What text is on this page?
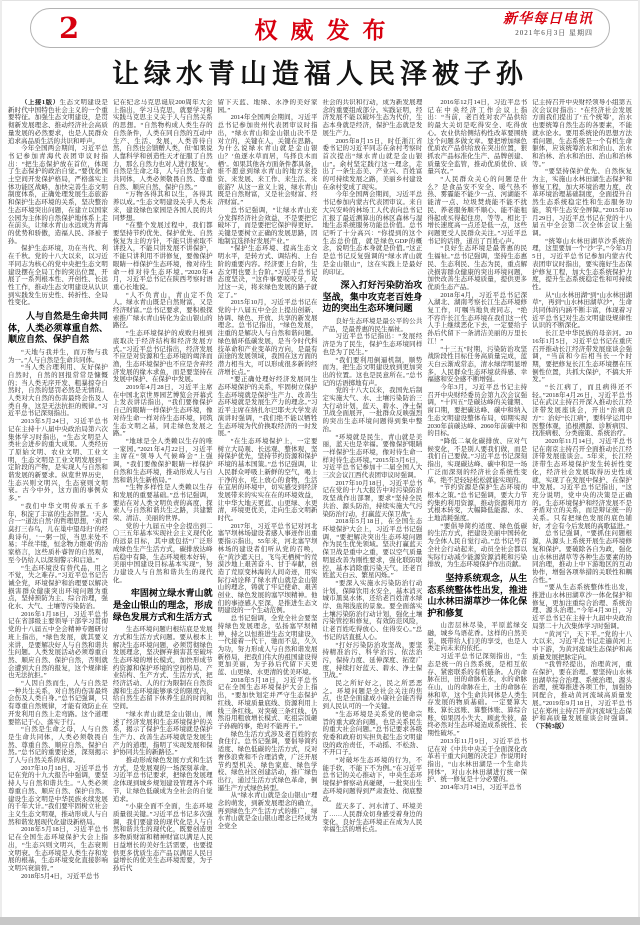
2	权威发布	新华每日电讯
2021年6月3日 星期四
让绿水青山造福人民泽被子孙

（上接1版）生态文明建设是新时代中国特色社会主义的一个重要特征。加强生态文明建设，是贯彻新发展理念、推动经济社会高质量发展的必然要求，也是人民群众追求高品质生活的共识和呼声。

今年全国两会期间，习近平总书记参加青海代表团审议时指出：“把生态保护放在首位，体现了生态保护的政治自觉。”要优化国土空间开发保护格局，严格落实主体功能区战略，加快完善生态文明制度体系，正确处理发展生态旅游和保护生态环境的关系，坚决整治生态环境突出问题，在建立以国家公园为主体的自然保护地体系上走在前头，让绿水青山永远成为青海的优势和骄傲，造福人民、泽被子孙。

保护生态环境，功在当代、利在千秋。党的十八大以来，以习近平同志为核心的党中央把生态文明建设摆在全局工作的突出位置，开展了一系列根本性、开创性、长远性工作，推动生态文明建设从认识到实践发生历史性、转折性、全局性变化。

人与自然是生命共同体，人类必须尊重自然、顺应自然、保护自然

“天地与我并生，而万物与我为一。”人与自然是生命共同体。

“当人类合理利用、友好保护自然时，自然的回报常常是慷慨的；当人类无序开发、粗暴掠夺自然时，自然的惩罚必然是无情的。人类对大自然的伤害最终会伤及人类自身，这是无法抗拒的规律。”习近平总书记深刻指出。

2013年5月24日，习近平总书记在主持十八届中央政治局第六次集体学习时指出，“生态文明是人类社会进步的重大成果。人类经历了原始文明、农业文明、工业文明，生态文明是工业文明发展到一定阶段的产物，是实现人与自然和谐发展的新要求。纵览世界历史，生态兴则文明兴，生态衰则文明衰。古今中外，这方面的事例众多。”

“我们中华文明传承五千多年，积淀了丰富的生态智慧。‘天人合一’‘道法自然’的哲理思想，‘劝君莫打三春鸟，儿在巢中望母归’的经典诗句，‘一粥一饭，当思来处不易；半丝半缕，恒念物力维艰’的治家格言，这些质朴睿智的自然观，至今仍给人以深刻警示和启迪。”

“生态环境没有替代品，用之不觉，失之难存。”习近平总书记告诫全党，环境保护和治理要以解决损害群众健康突出环境问题为重点，坚持预防为主、综合治理，强化水、大气、土壤等污染防治。

2016年1月18日，习近平总书记在省部级主要领导干部学习贯彻党的十八届五中全会精神专题研讨班上指出，“绿色发展，就其要义来讲，是要解决好人与自然和谐共生问题。人类发展活动必须尊重自然、顺应自然、保护自然，否则就会遭到大自然的报复，这个规律谁也无法抗拒。”

“人因自然而生，人与自然是一种共生关系，对自然的伤害最终会伤及人类自身。”总书记强调，只有尊重自然规律，才能有效防止在开发利用自然上走弯路。这个道理要铭记于心、落实于行。

“自然是生命之母，人与自然是生命共同体，人类必须敬畏自然、尊重自然、顺应自然、保护自然。”总书记的重要论述，深刻揭示了人与自然关系的真谛。

2017年10月18日，习近平总书记在党的十九大报告中强调，要坚持人与自然和谐共生。“人类必须尊重自然、顺应自然、保护自然。建设生态文明是中华民族永续发展的千年大计。”我们要牢固树立社会主义生态文明观，推动形成人与自然和谐发展现代化建设新格局。

2018年5月18日，习近平总书记在全国生态环境保护大会上指出，“生态兴则文明兴，生态衰则文明衰。生态环境是人类生存和发展的根基，生态环境变化直接影响文明兴衰演替。”

2018年5月4日，习近平总书

记在纪念马克思诞辰200周年大会上指出，学习马克思，就要学习和实践马克思主义关于人与自然关系的思想。“自然物构成人类生存的自然条件，人类在同自然的互动中生产、生活、发展，人类善待自然，自然也会馈赠人类，但‘如果说人靠科学和创造性天才征服了自然力，那么自然力也对人进行报复’。自然是生命之母，人与自然是生命共同体，人类必须敬畏自然、尊重自然、顺应自然、保护自然。”

“万物各得其和以生，各得其养以成。”生态文明建设关乎人类未来，建设绿色家园是各国人民的共同梦想。

“在整个发展过程中，我们都要坚持节约优先、保护优先、自然恢复为主的方针，不能只讲索取不讲投入，不能只讲发展不讲保护，不能只讲利用不讲修复，要像保护眼睛一样保护生态环境，像对待生命一样对待生态环境。”2020年4月，习近平总书记在陕西考察时语重心长地说。

“人不负青山，青山定不负人。绿水青山既是自然财富，又是经济财富。”总书记要求，要积极探索推广绿水青山转化为金山银山的路径。

“生态环境保护的成败归根到底取决于经济结构和经济发展方式。”习近平总书记指出，经济发展不应是对资源和生态环境的竭泽而渔，生态环境保护也不应是舍弃经济发展的缘木求鱼，而是要坚持在发展中保护、在保护中发展。

2019年4月28日，习近平主席在中国北京世界园艺博览会开幕式上发表讲话指出，“我们要像保护自己的眼睛一样保护生态环境，像对待生命一样对待生态环境，同筑生态文明之基，同走绿色发展之路。”

“地球是全人类赖以生存的唯一家园。”2021年4月22日，习近平主席在“领导人气候峰会”上强调，“我们要像保护眼睛一样保护自然和生态环境，推动形成人与自然和谐共生新格局。”

“生物多样性是人类赖以生存和发展的重要基础。”总书记强调，要站在对人类文明负责的高度，探索人与自然和谐共生之路，共建繁荣、清洁、美丽的世界。

党的十九届五中全会提出到二〇三五年基本实现社会主义现代化的远景目标，其中就包括“广泛形成绿色生产生活方式，碳排放达峰后稳中有降，生态环境根本好转，美丽中国建设目标基本实现”，努力建设人与自然和谐共生的现代化。

牢固树立绿水青山就是金山银山的理念，形成绿色发展方式和生活方式

生态环境问题归根结底是发展方式和生活方式问题。要从根本上解决生态环境问题，必须贯彻绿色发展理念，坚决摒弃损害甚至破坏生态环境的增长模式，加快形成节约资源和保护环境的空间格局、产业结构、生产方式、生活方式，把经济活动、人的行为限制在自然资源和生态环境能够承受的限度内，给自然生态留下休养生息的时间和空间。

“绿水青山就是金山银山，阐述了经济发展和生态环境保护的关系，揭示了保护生态环境就是保护生产力、改善生态环境就是发展生产力的道理，指明了实现发展和保护协同共生的新路径。”

推动形成绿色发展方式和生活方式，是发展观的一场深刻革命。习近平总书记要求，把绿色发展理念体现到城乡规划建设管理各个环节，让绿色低碳成为全社会的自觉追求。

“小康全面不全面，生态环境质量很关键。”习近平总书记多次强调，我们要建设的现代化是人与自然和谐共生的现代化，既要创造更多物质财富和精神财富以满足人民日益增长的美好生活需要，也要提供更多优质生态产品以满足人民日益增长的优美生态环境需要，为子孙后代

留下天蓝、地绿、水净的美好家园。”

2014年全国两会期间，习近平总书记参加贵州代表团审议时指出，“绿水青山和金山银山决不是对立的，关键在人，关键在思路。为什么说绿水青山就是金山银山？‘鱼逐水草而居，鸟择良木而栖’。如果其他各方面条件都具备，谁不愿意到绿水青山的地方来投资、来发展、来工作、来生活、来旅游？从这一意义上说，绿水青山既是自然财富，又是社会财富、经济财富。”

总书记强调，“让绿水青山充分发挥经济社会效益，不是要把它破坏了，而是要把它保护得更好。关键是要树立正确的发展思路，因地制宜选择好发展产业。”

“保护生态环境、提高生态文明水平，是转方式、调结构、上台阶的重要内容。经济要上台阶，生态文明也要上台阶。”习近平总书记态度坚决，“这件事要咬咬牙，攻过这一关，将来绿色发展的路子就定了。”

2015年10月，习近平总书记在党的十八届五中全会上提出创新、协调、绿色、开放、共享的新发展理念。总书记指出，“绿色发展，注重的是解决人与自然和谐问题。绿色循环低碳发展，是当今时代科技革命和产业变革的方向，是最有前途的发展领域，我国在这方面的潜力相当大，可以形成很多新的经济增长点。”

“要正确处理好经济发展同生态环境保护的关系，牢固树立保护生态环境就是保护生产力、改善生态环境就是发展生产力的理念。”习近平主席在纳扎尔巴耶夫大学发表演讲时强调，“我们绝不能以牺牲生态环境为代价换取经济的一时发展。”

“在生态环境保护上，一定要树立大局观、长远观、整体观，坚持保护优先，坚持节约资源和保护环境的基本国策。”总书记强调，让人民群众呼吸上新鲜的空气，喝上干净的水，吃上放心的食物，生活在宜居的环境中，切实感受到经济发展带来的实实在在的环境效益，让中华大地天更蓝、山更绿、水更清，环境更优美，走向生态文明新时代。

2017年，习近平总书记对河北塞罕坝林场建设者感人事迹作出重要指示指出，55年来，河北塞罕坝林场的建设者们听从党的召唤，在“黄沙遮天日，飞鸟无栖树”的荒漠沙地上艰苦奋斗、甘于奉献，创造了荒原变林海的人间奇迹，用实际行动诠释了绿水青山就是金山银山的理念，铸就了牢记使命、艰苦创业、绿色发展的塞罕坝精神。他们的事迹感人至深，是推进生态文明建设的一个生动范例。

总书记强调，全党全社会要坚持绿色发展理念，弘扬塞罕坝精神，持之以恒推进生态文明建设，一代接着一代干，驰而不息，久久为功，努力形成人与自然和谐发展新格局，把我们伟大的祖国建设得更加美丽，为子孙后代留下天更蓝、山更绿、水更清的优美环境。

2018年5月18日，习近平总书记在全国生态环境保护大会上指出，“要加快划定并严守生态保护红线、环境质量底线、资源利用上线三条红线。对突破三条红线、仍然沿用粗放增长模式、吃祖宗饭砸子孙碗的事，绝对不能再干。”

绿色生活方式涉及老百姓的衣食住行。总书记强调，要倡导简约适度、绿色低碳的生活方式，反对奢侈浪费和不合理消费，广泛开展节约型机关、绿色家庭、绿色学校、绿色社区创建活动，推广绿色出行，通过生活方式绿色革命，倒逼生产方式绿色转型。

从“绿水青山就是金山银山”理念的萌发，到新发展理念的确立，再到绿色生产生活方式的推广，绿水青山就是金山银山理念已经成为全党全

社会的共识和行动，成为新发展理念的重要组成部分。实践证明，经济发展不能以破坏生态为代价，生态本身就是经济，保护生态就是发展生产力。

2005年8月15日，时任浙江省委书记的习近平同志在余村考察时首次提出“绿水青山就是金山银山”。余村坚定践行这一理念，走出了一条生态美、产业兴、百姓富的可持续发展之路，美丽乡村建设在余村变成了现实。

今年全国两会期间，习近平总书记参加内蒙古代表团审议。来自大兴安岭的林场工人代表向总书记汇报了最近测算出的林区森林与湿地生态系统服务功能总价值。总书记听了十分高兴：“你提到的这个生态总价值，就是绿色GDP的概念，说明生态本身就是价值。”这正是总书记反复强调的“绿水青山就是金山银山”，这在实践上是最好的印证。

深入打好污染防治攻坚战，集中攻克老百姓身边的突出生态环境问题

良好生态环境是最公平的公共产品，是最普惠的民生福祉。

习近平总书记指出：“发展经济是为了民生，保护生态环境同样也是为了民生。”

“我们要利用倒逼机制，顺势而为，把生态文明建设放到更加突出的位置。这也是民意所在。”总书记的话语掷地有声。

党的十八大以来，我国先后制定实施大气、水、土壤污染防治三大行动计划，蓝天、碧水、净土保卫战全面展开，一批群众反映强烈的突出生态环境问题得到集中整治。

“环境就是民生，青山就是美丽，蓝天也是幸福。要像保护眼睛一样保护生态环境，像对待生命一样对待生态环境。”2015年3月6日，习近平总书记参加十二届全国人大三次会议江西代表团审议时强调。

2017年10月18日，习近平总书记在党的十九大报告中对污染防治攻坚战作出部署，要求“坚持全民共治、源头防治，持续实施大气污染防治行动，打赢蓝天保卫战”。

2018年5月18日，在全国生态环境保护大会上，习近平总书记强调，“要把解决突出生态环境问题作为民生优先领域。坚决打赢蓝天保卫战是重中之重，要以空气质量明显改善为刚性要求，强化联防联控，基本消除重污染天气，还老百姓蓝天白云、繁星闪烁。”

“要深入实施水污染防治行动计划，保障饮用水安全，基本消灭城市黑臭水体，还给老百姓清水绿岸、鱼翔浅底的景象。要全面落实土壤污染防治行动计划，强化土壤污染管控和修复，有效防范风险，让老百姓吃得放心、住得安心。”总书记的话直抵人心。

“打好污染防治攻坚战，要坚持精准治污、科学治污、依法治污，保持力度、延伸深度、拓宽广度，持续打好蓝天、碧水、净土保卫战。”

民之所好好之，民之所恶恶之。环境问题是全社会关注的焦点，也是全面建成小康社会能否得到人民认可的一个关键。

“生态环境是关系党的使命宗旨的重大政治问题，也是关系民生的重大社会问题。”总书记要求各级党委和政府切实担负起生态文明建设的政治责任，不动摇、不松劲、不开口子。

“对破坏生态环境的行为，不能手软，不能下不为例。”在习近平总书记的关心推动下，中央生态环境保护督察动真碰硬，一批突出生态环境问题得到严肃查处、彻底整改。

蓝天多了、河水清了、环境美了……人民群众切身感受着身边的变化，良好生态环境正在成为人民幸福生活的增长点。

2016年12月14日，习近平总书记在中央经济工作会议上指出：“当前，老百姓对农产品供给的最大关切是吃得安全、吃得放心。农业供给侧结构性改革要围绕这个问题多做文章。要把增加绿色优质农产品供给放在突出位置，狠抓农产品标准化生产、品牌创建、质量安全监管，推动优质优价、质量兴农。”

“人民群众关心的问题是什么？是食品安不安全、暖气热不热、雾霾能不能少一点、河湖能不能清一点、垃圾焚烧能不能不扰民、养老服务顺不顺心、能不能租得起或买得起住房，等等。相比于增长速度高一点还是低一点，这些问题更受人民群众关注。”习近平总书记的话语，道出了百姓心声。

“良好生态环境是最普惠的民生福祉。”总书记强调，坚持生态惠民、生态利民、生态为民，重点解决损害群众健康的突出环境问题，加快改善生态环境质量，提供更多优质生态产品。

2018年4月，习近平总书记深入湖北、湖南考察长江生态环境修复工作，叮嘱当地负责同志，“绝不容许长江生态环境在我们这一代人手上继续恶化下去，一定要给子孙后代留下一条清洁美丽的万里长江！”

“十三五”时期，污染防治攻坚战阶段性目标任务高质量完成，蓝天白云渐成常态，清水绿岸明显增多，人民群众生态环境获得感、幸福感和安全感不断增强。

今年3月，习近平总书记主持召开中央财经委员会第九次会议强调，“十四五”是碳达峰的关键期、窗口期，要把碳达峰、碳中和纳入生态文明建设整体布局，如期实现2030年前碳达峰、2060年前碳中和的目标。

“降低二氧化碳排放、应对气候变化，不是别人要我们做，而是我们自己要做。”习近平总书记深刻指出，实现碳达峰、碳中和是一场广泛而深刻的经济社会系统性变革，绝不是轻轻松松就能实现的。

“节约资源是保护生态环境的根本之策。”总书记强调，要大力节约集约利用资源，推动资源利用方式根本转变，大幅降低能源、水、土地消耗强度。

“要倡导简约适度、绿色低碳的生活方式，把建设美丽中国转化为全体人民自觉行动。”总书记号召全社会行动起来，动员全社会都以实际行动减少能源资源消耗和污染排放，为生态环境保护作出贡献。

坚持系统观念，从生态系统整体性出发，推进山水林田湖草沙一体化保护和修复

山峦层林尽染，平原蓝绿交融，城乡鸟语花香。这样的自然美景，既带给人们美的享受，也是人类走向未来的依托。

习近平总书记深刻指出，“生态是统一的自然系统，是相互依存、紧密联系的有机链条。人的命脉在田，田的命脉在水，水的命脉在山，山的命脉在土，土的命脉在林和草，这个生命共同体是人类生存发展的物质基础。一定要算大账、算长远账、算整体账、算综合账，如果因小失大、顾此失彼，最终必然对生态环境造成系统性、长期性破坏。”

2013年11月9日，习近平总书记在对《中共中央关于全面深化改革若干重大问题的决定》作说明时指出，“山水林田湖是一个生命共同体”，对山水林田湖进行统一保护、统一修复是十分必要的。

2014年3月14日，习近平总书

记主持召开中央财经领导小组第五次会议时指出：“在经济社会发展方面我们提出了‘五个统筹’，治水也要统筹自然生态的各要素，不能就水论水。要用系统论的思想方法看问题，生态系统是一个有机生命躯体，应该统筹治水和治山、治水和治林、治水和治田、治山和治林等。”

“要坚持保护优先、自然恢复为主，实施山水林田湖生态保护和修复工程，加大环境治理力度，改革环境治理基础制度，全面提升自然生态系统稳定性和生态服务功能，筑牢生态安全屏障。”2015年10月29日，习近平总书记在党的十八届五中全会第二次全体会议上强调。

“统筹山水林田湖草沙系统治理，这里要加一个‘沙’字。”今年3月5日，习近平总书记参加内蒙古代表团审议时指出，要实施好生态保护修复工程，加大生态系统保护力度，提升生态系统稳定性和可持续性。

从“山水林田湖”到“山水林田湖草”，再到“山水林田湖草沙”，生命共同体的内涵不断丰富，体现着习近平总书记对生态文明建设规律性认识的不断深化。

长江是中华民族的母亲河。2016年1月5日，习近平总书记在重庆召开推动长江经济带发展座谈会强调，“当前和今后相当长一个时期，要把修复长江生态环境摆在压倒性位置，共抓大保护，不搞大开发。”

“长江病了，而且病得还不轻。”2018年4月26日，习近平总书记在武汉主持召开深入推动长江经济带发展座谈会，开出“治病良方”：治好“长江病”，要科学运用中医整体观，追根溯源、诊断病因、找准病根、分类施策、系统治疗。

2020年11月14日，习近平总书记在南京主持召开全面推动长江经济带发展座谈会。5年来，长江经济带生态环境保护发生转折性变化，经济社会发展取得历史性成就，实现了在发展中保护、在保护中发展。习近平总书记指出，“这充分说明，党中央的决策是正确的。生态环境保护和经济发展不是矛盾对立的关系，而是辩证统一的关系。只有把绿色发展的底色铺好，才会有今后发展的高歌猛进。”

总书记强调，“要抓住问题根源，从源头上系统开展生态环境修复和保护。要破除各自为政，强化山水林田湖草等各种生态要素的协同治理，推动上中下游地区的互动协作，增强各项举措的关联性和耦合性。”

“要从生态系统整体性出发，推进山水林田湖草沙一体化保护和修复，更加注重综合治理、系统治理、源头治理。”今年4月30日，习近平总书记在主持十九届中央政治局第二十九次集体学习时强调。

“黄河宁，天下平。”党的十八大以来，习近平总书记走遍黄河上中下游，为黄河流域生态保护和高质量发展把脉定向。

“我曾经提出，治理黄河，重在保护，要在治理。要坚持山水林田湖草综合治理、系统治理、源头治理，统筹推进各项工作，加强协同配合，推动黄河流域高质量发展。”2019年9月18日，习近平总书记在郑州主持召开黄河流域生态保护和高质量发展座谈会时强调。（下转3版）
